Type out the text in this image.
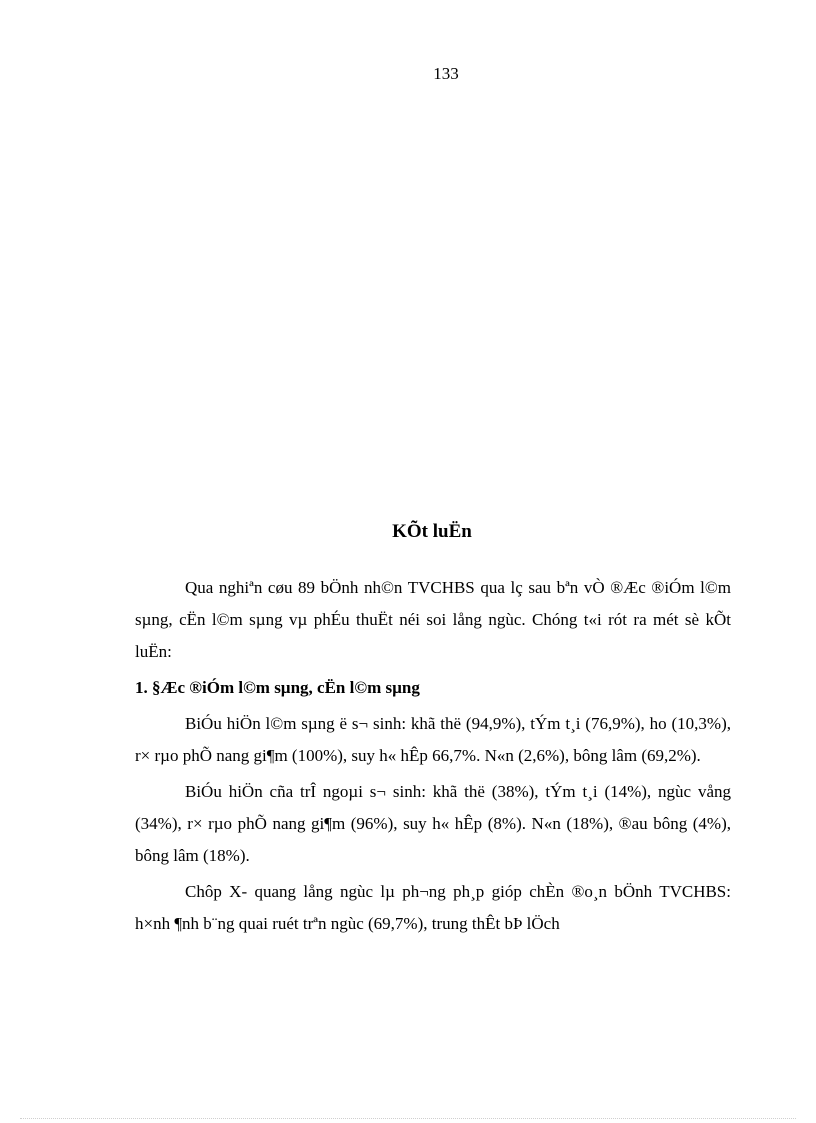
133
KÕt luËn

Qua nghiªn cøu 89 bÖnh nh©n TVCHBS qua lç sau bªn vÒ ®Æc ®iÓm l©m sµng, cËn l©m sµng vµ phÉu thuËt néi soi lång ngùc. Chóng t«i rót ra mét sè kÕt luËn:

1. §Æc ®iÓm l©m sµng, cËn l©m sµng

BiÓu hiÖn l©m sµng ë s¬ sinh: khã thë (94,9%), tÝm t¸i (76,9%), ho (10,3%), r× rµo phÕ nang gi¶m (100%), suy h« hÊp 66,7%. N«n (2,6%), bông lâm (69,2%).

BiÓu hiÖn cña trÎ ngoµi s¬ sinh: khã thë (38%), tÝm t¸i (14%), ngùc vång (34%), r× rµo phÕ nang gi¶m (96%), suy h« hÊp (8%). N«n (18%), ®au bông (4%), bông lâm (18%).

Chôp X- quang lång ngùc lµ ph¬ng ph¸p gióp chÈn ®o¸n bÖnh TVCHBS: h×nh ¶nh b¨ng quai ruét trªn ngùc (69,7%), trung thÊt bÞ lÖch
